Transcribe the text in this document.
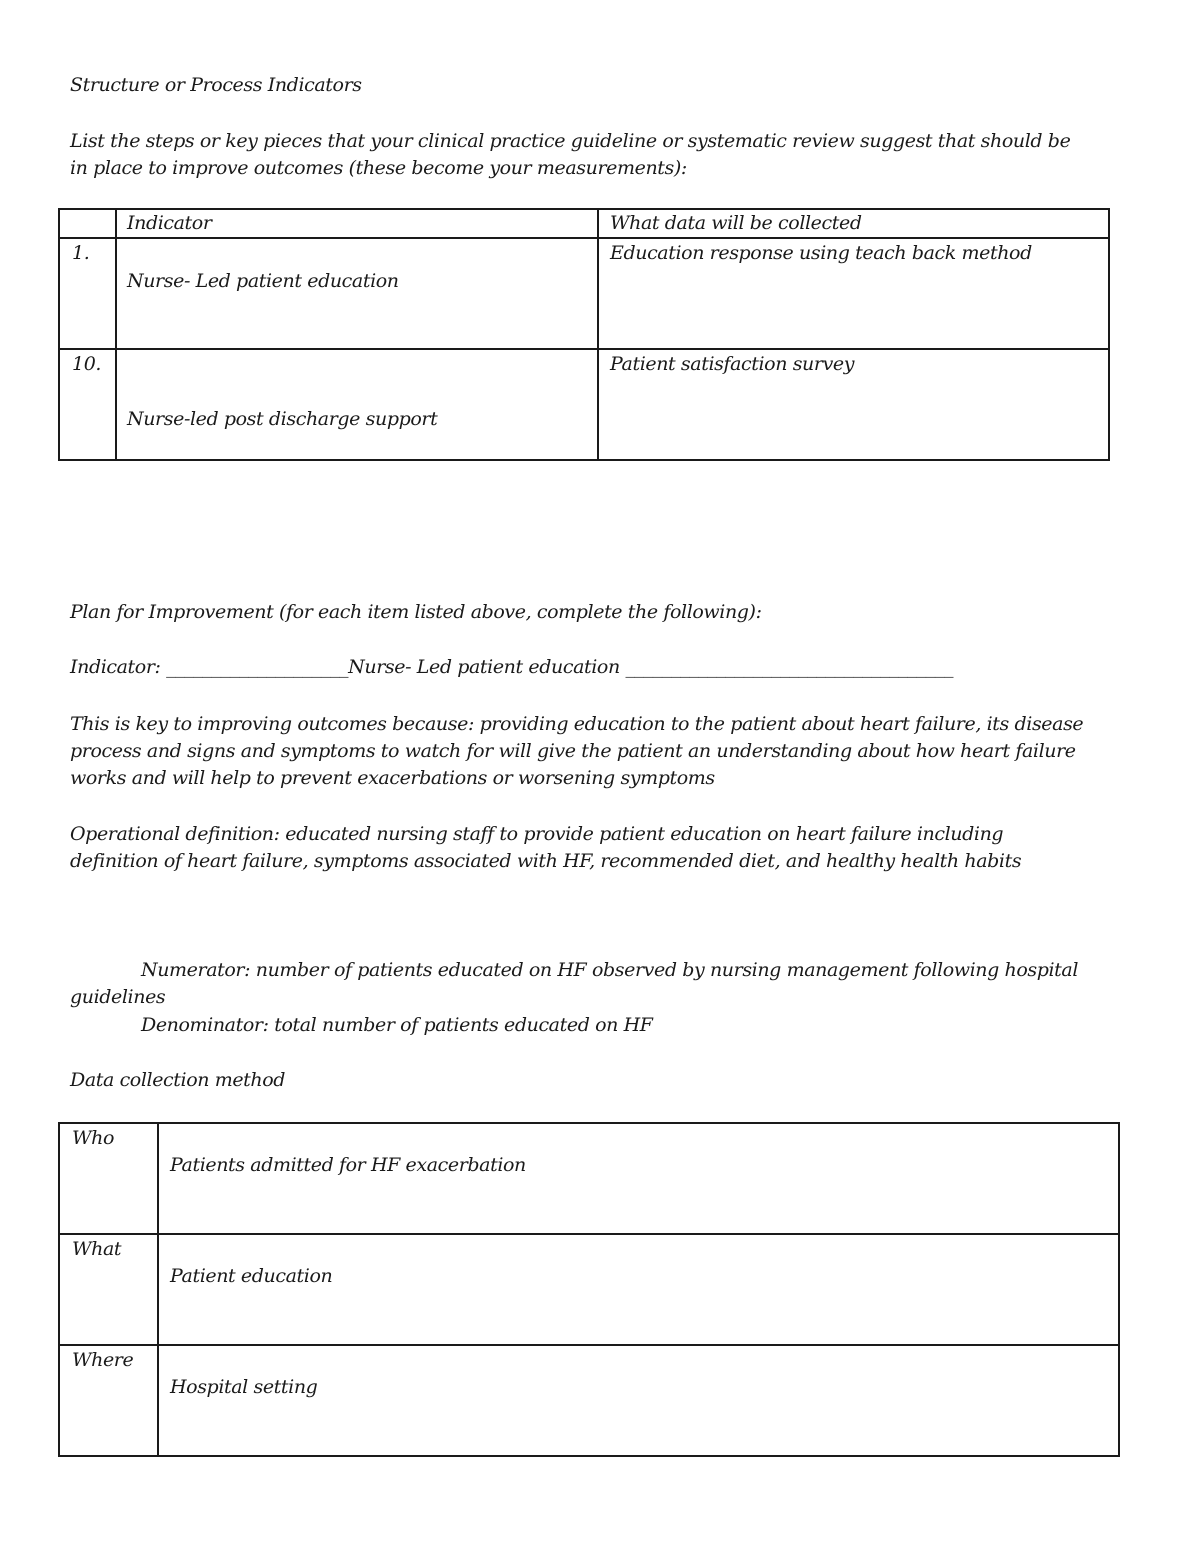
Structure or Process Indicators
List the steps or key pieces that your clinical practice guideline or systematic review suggest that should be
in place to improve outcomes (these become your measurements):

	Indicator	What data will be collected

1.	Nurse- Led patient education	Education response using teach back method

10.	Nurse-led post discharge support	Patient satisfaction survey
Plan for Improvement (for each item listed above, complete the following):
Indicator: ____________________Nurse- Led patient education ____________________________________
This is key to improving outcomes because: providing education to the patient about heart failure, its disease
process and signs and symptoms to watch for will give the patient an understanding about how heart failure
works and will help to prevent exacerbations or worsening symptoms
Operational definition: educated nursing staff to provide patient education on heart failure including
definition of heart failure, symptoms associated with HF, recommended diet, and healthy health habits
Numerator: number of patients educated on HF observed by nursing management following hospital
guidelines
Denominator: total number of patients educated on HF
Data collection method
Who	Patients admitted for HF exacerbation

What	Patient education

Where	Hospital setting
